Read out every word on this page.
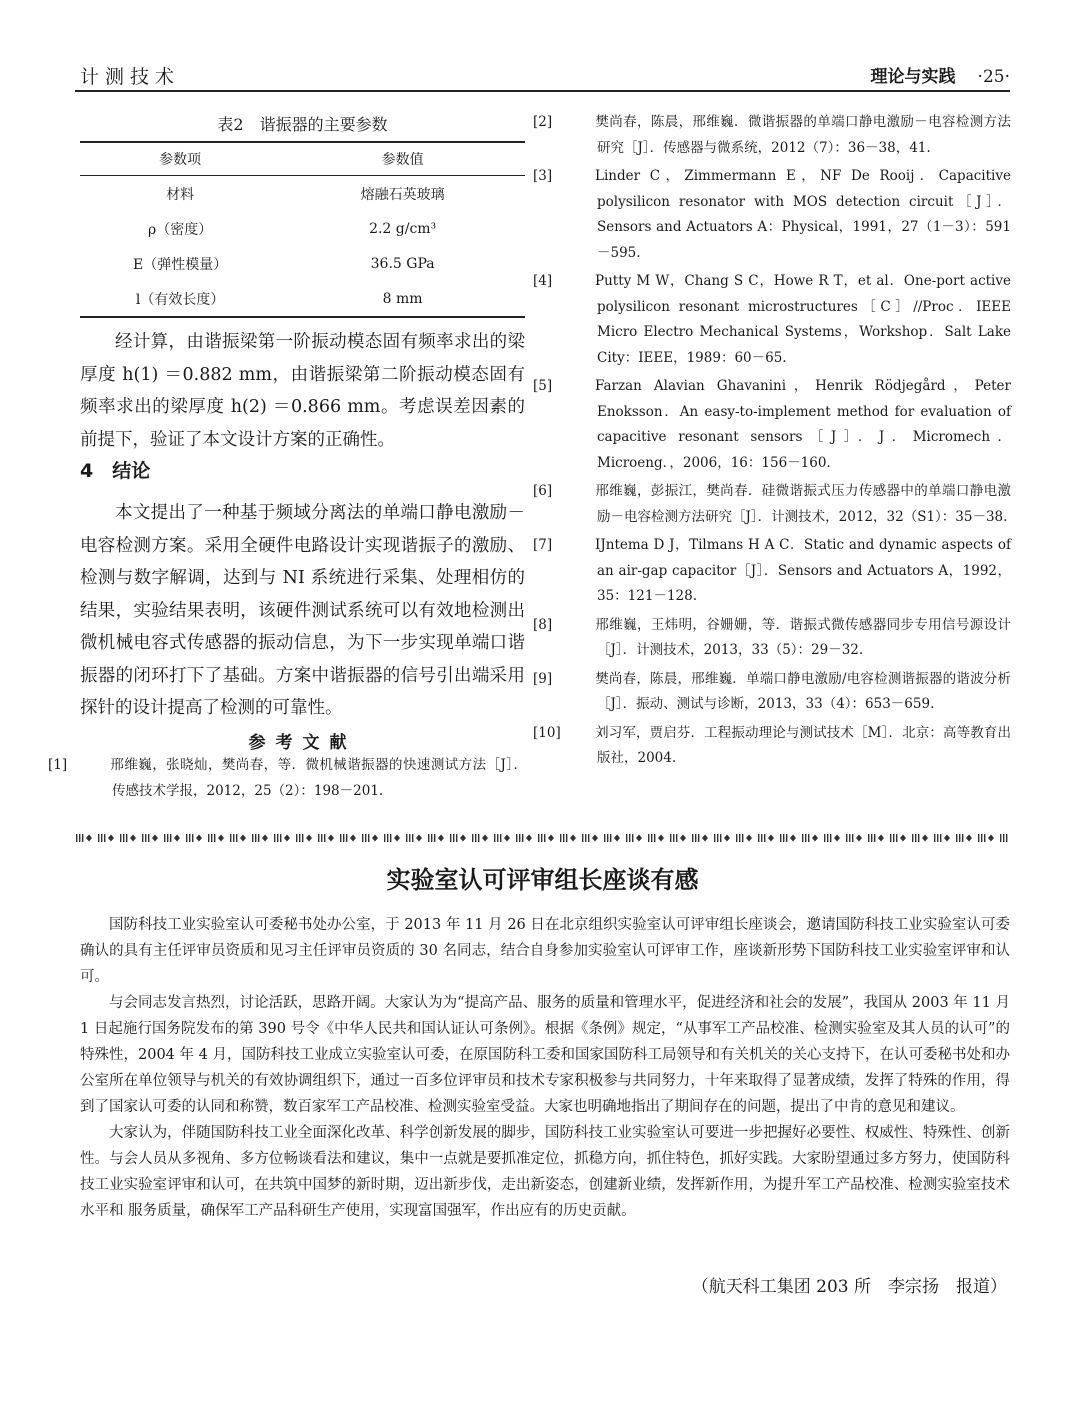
计测技术	理论与实践 ·25·
表2　谐振器的主要参数
参数项	参数值
材料	熔融石英玻璃
ρ（密度）	2.2 g/cm³
E（弹性模量）	36.5 GPa
l（有效长度）	8 mm

经计算，由谐振梁第一阶振动模态固有频率求出的梁厚度 h(1) ＝0.882 mm，由谐振梁第二阶振动模态固有频率求出的梁厚度 h(2) ＝0.866 mm。考虑误差因素的前提下，验证了本文设计方案的正确性。

4　结论

本文提出了一种基于频域分离法的单端口静电激励－电容检测方案。采用全硬件电路设计实现谐振子的激励、检测与数字解调，达到与 NI 系统进行采集、处理相仿的结果，实验结果表明，该硬件测试系统可以有效地检测出微机械电容式传感器的振动信息，为下一步实现单端口谐振器的闭环打下了基础。方案中谐振器的信号引出端采用探针的设计提高了检测的可靠性。

参考文献
[1]	邢维巍，张晓灿，樊尚春，等．微机械谐振器的快速测试方法［J］．传感技术学报，2012，25（2）：198－201.
[2]	樊尚春，陈晨，邢维巍．微谐振器的单端口静电激励－电容检测方法研究［J］．传感器与微系统，2012（7）：36－38，41.
[3]	Linder C，Zimmermann E，NF De Rooij．Capacitive polysilicon resonator with MOS detection circuit［J］．Sensors and Actuators A：Physical，1991，27（1－3）：591－595.
[4]	Putty M W，Chang S C，Howe R T，et al．One-port active polysilicon resonant microstructures［C］//Proc．IEEE Micro Electro Mechanical Systems，Workshop．Salt Lake City：IEEE，1989：60－65.
[5]	Farzan Alavian Ghavanini，Henrik Rödjegård，Peter Enoksson．An easy-to-implement method for evaluation of capacitive resonant sensors［J］．J．Micromech．Microeng．，2006，16：156－160.
[6]	邢维巍，彭振江，樊尚春．硅微谐振式压力传感器中的单端口静电激励－电容检测方法研究［J］．计测技术，2012，32（S1）：35－38.
[7]	IJntema D J，Tilmans H A C．Static and dynamic aspects of an air-gap capacitor［J］．Sensors and Actuators A，1992，35：121－128.
[8]	邢维巍，王炜明，谷姗姗，等．谐振式微传感器同步专用信号源设计［J］．计测技术，2013，33（5）：29－32.
[9]	樊尚春，陈晨，邢维巍．单端口静电激励/电容检测谐振器的谐波分析［J］．振动、测试与诊断，2013，33（4）：653－659.
[10]	刘习军，贾启芬．工程振动理论与测试技术［M］．北京：高等教育出版社，2004.
实验室认可评审组长座谈有感

国防科技工业实验室认可委秘书处办公室，于 2013 年 11 月 26 日在北京组织实验室认可评审组长座谈会，邀请国防科技工业实验室认可委确认的具有主任评审员资质和见习主任评审员资质的 30 名同志，结合自身参加实验室认可评审工作，座谈新形势下国防科技工业实验室评审和认可。

与会同志发言热烈，讨论活跃，思路开阔。大家认为为“提高产品、服务的质量和管理水平，促进经济和社会的发展”，我国从 2003 年 11 月 1 日起施行国务院发布的第 390 号令《中华人民共和国认证认可条例》。根据《条例》规定，“从事军工产品校准、检测实验室及其人员的认可”的特殊性，2004 年 4 月，国防科技工业成立实验室认可委，在原国防科工委和国家国防科工局领导和有关机关的关心支持下，在认可委秘书处和办公室所在单位领导与机关的有效协调组织下，通过一百多位评审员和技术专家积极参与共同努力，十年来取得了显著成绩，发挥了特殊的作用，得到了国家认可委的认同和称赞，数百家军工产品校准、检测实验室受益。大家也明确地指出了期间存在的问题，提出了中肯的意见和建议。

大家认为，伴随国防科技工业全面深化改革、科学创新发展的脚步，国防科技工业实验室认可要进一步把握好必要性、权威性、特殊性、创新性。与会人员从多视角、多方位畅谈看法和建议，集中一点就是要抓准定位，抓稳方向，抓住特色，抓好实践。大家盼望通过多方努力，使国防科技工业实验室评审和认可，在共筑中国梦的新时期，迈出新步伐，走出新姿态，创建新业绩，发挥新作用，为提升军工产品校准、检测实验室技术水平和 服务质量，确保军工产品科研生产使用，实现富国强军，作出应有的历史贡献。

（航天科工集团 203 所　李宗扬　报道）
